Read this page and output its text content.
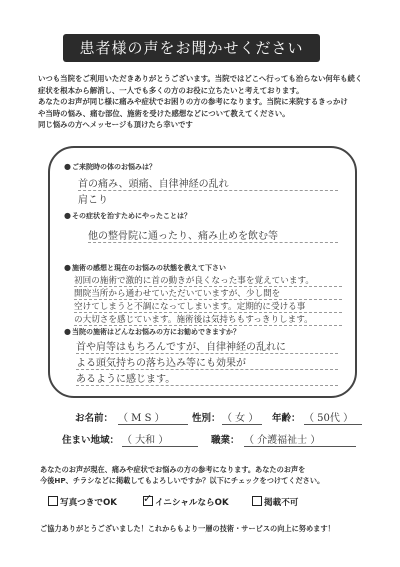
患者様の声をお聞かせください
いつも当院をご利用いただきありがとうございます。当院ではどこへ行っても治らない何年も続く
症状を根本から解消し、一人でも多くの方のお役に立ちたいと考えております。
あなたのお声が同じ様に痛みや症状でお困りの方の参考になります。当院に来院するきっかけ
や当時の悩み、痛む部位、施術を受けた感想などについて教えてください。
同じ悩みの方へメッセージも頂けたら幸いです
●ご来院時の体のお悩みは？
首の痛み、頭痛、自律神経の乱れ
肩こり
●その症状を治すためにやったことは？
他の整骨院に通ったり、痛み止めを飲む等
●施術の感想と現在のお悩みの状態を教えて下さい
初回の施術で激的に首の動きが良くなった事を覚えています。
開院当所から通わせていただいていますが、少し間を
空けてしまうと不調になってしまいます。定期的に受ける事
の大切さを感じています。施術後は気持ちもすっきりします。
●当院の施術はどんなお悩みの方にお勧めできますか？
首や肩等はもちろんですが、自律神経の乱れに
よる頭気持ちの落ち込み等にも効果が
あるように感じます。
お名前： （ M S ）	性別： （ 女 ）	年齢： （ 50代 ）
住まい地域： （ 大和 ）	職業： （ 介護福祉士 ）
あなたのお声が現在、痛みや症状でお悩みの方の参考になります。あなたのお声を
今後HP、チラシなどに掲載してもよろしいですか？以下にチェックをつけてください。
写真つきでOK
✓	イニシャルならOK	掲載不可
ご協力ありがとうございました！これからもより一層の技術・サービスの向上に努めます！
